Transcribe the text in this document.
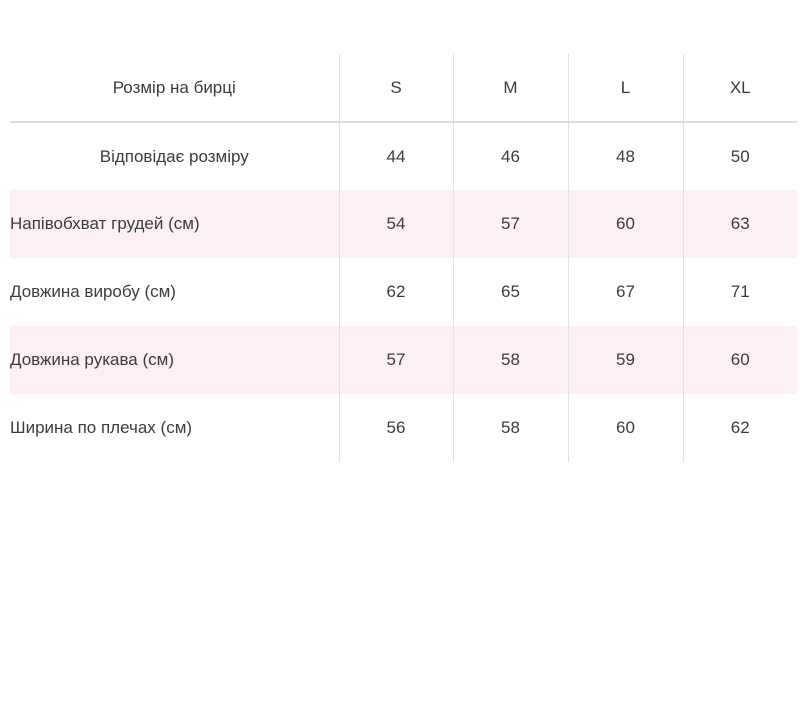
Розмір на бирці	S	M	L	XL
Відповідає розміру	44	46	48	50
Напівобхват грудей (см)	54	57	60	63
Довжина виробу (см)	62	65	67	71
Довжина рукава (см)	57	58	59	60
Ширина по плечах (см)	56	58	60	62
